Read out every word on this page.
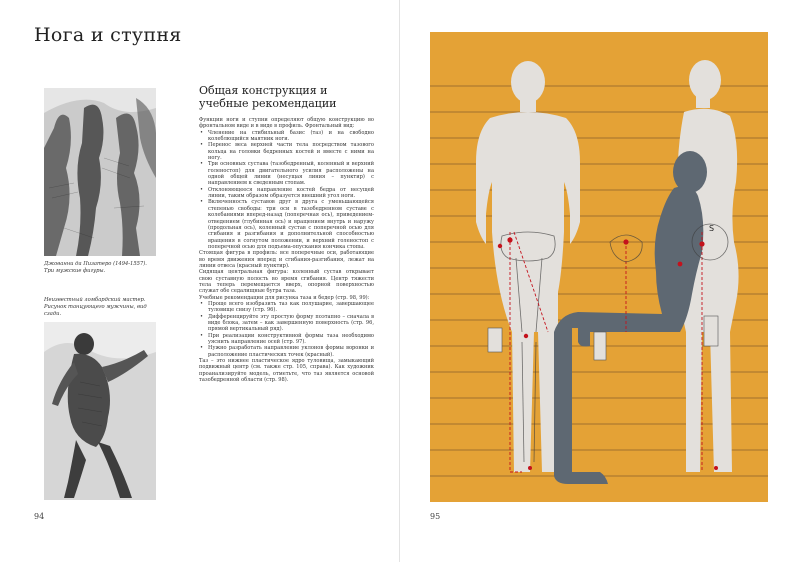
Нога и ступня
Джованни да Пизатеро (1494-1557). Три мужские фигуры.
Неизвестный ломбардский мастер. Рисунок танцующего мужчины, вид сзади.
Общая конструкция и учебные рекомендации

Функции ноги и ступни определяют общую конструкцию во фронтальном виде и в виде в профиль. Фронтальный вид:

• Членение на стибильный базис (таз) и на свободно колеблющийся маятник ноги.
• Перенос веса верхней части тела посредством тазового кольца на головки бедренных костей и вместе с ними на ногу.
• Три основных сустава (тазобедренный, коленный и верхний голеностоп) для двигательного усилия расположены на одной общей линии (несущая линия – пунктир) с направлением к сведенным стопам.
• Отклоняющееся направление костей бедра от несущей линии, таким образом образуется внешний угол ноги.
• Включенность суставов друг в друга с уменьшающейся степенью свободы: три оси в тазобедренном суставе с колебаниями вперед-назад (поперечная ось), приведением-отведением (глубинная ось) и вращением внутрь и наружу (продольная ось), коленный сустав с поперечной осью для сгибания и разгибания и дополнительной способностью вращения в согнутом положении, и верхний голеностоп с поперечной осью для подъема-опускания кончика стопы.

Стоящая фигура в профиль: все поперечные оси, работающие во время движения вперед и сгибания-разгибания, лежат на линии отвеса (красный пунктир).

Сидящая центральная фигура: коленный сустав открывает свою суставную полость во время сгибания. Центр тяжести тела теперь перемещается вверх, опорной поверхностью служат обе седалищные бугра таза.

Учебные рекомендации для рисунка таза и бедер (стр. 98, 99):

• Проще всего изобразить таз как полушарие, завершающее туловище снизу (стр. 96).
• Дифференцируйте эту простую форму поэтапно – сначала в виде блока, затем – как завершенную поверхность (стр. 96, прямой вертикальный ряд).
• При реализации конструктивной формы таза необходимо уяснить направление осей (стр. 97).
• Нужно разработать направление уклонов формы воронки и расположение пластических точек (красный).

Таз – это нижнее пластическое ядро туловища, замыкающий подвижный центр (см. также стр. 105, справа). Как художник проанализируйте модель, отметьте, что таз является основой тазобедренной области (стр. 98).

94
S
95
